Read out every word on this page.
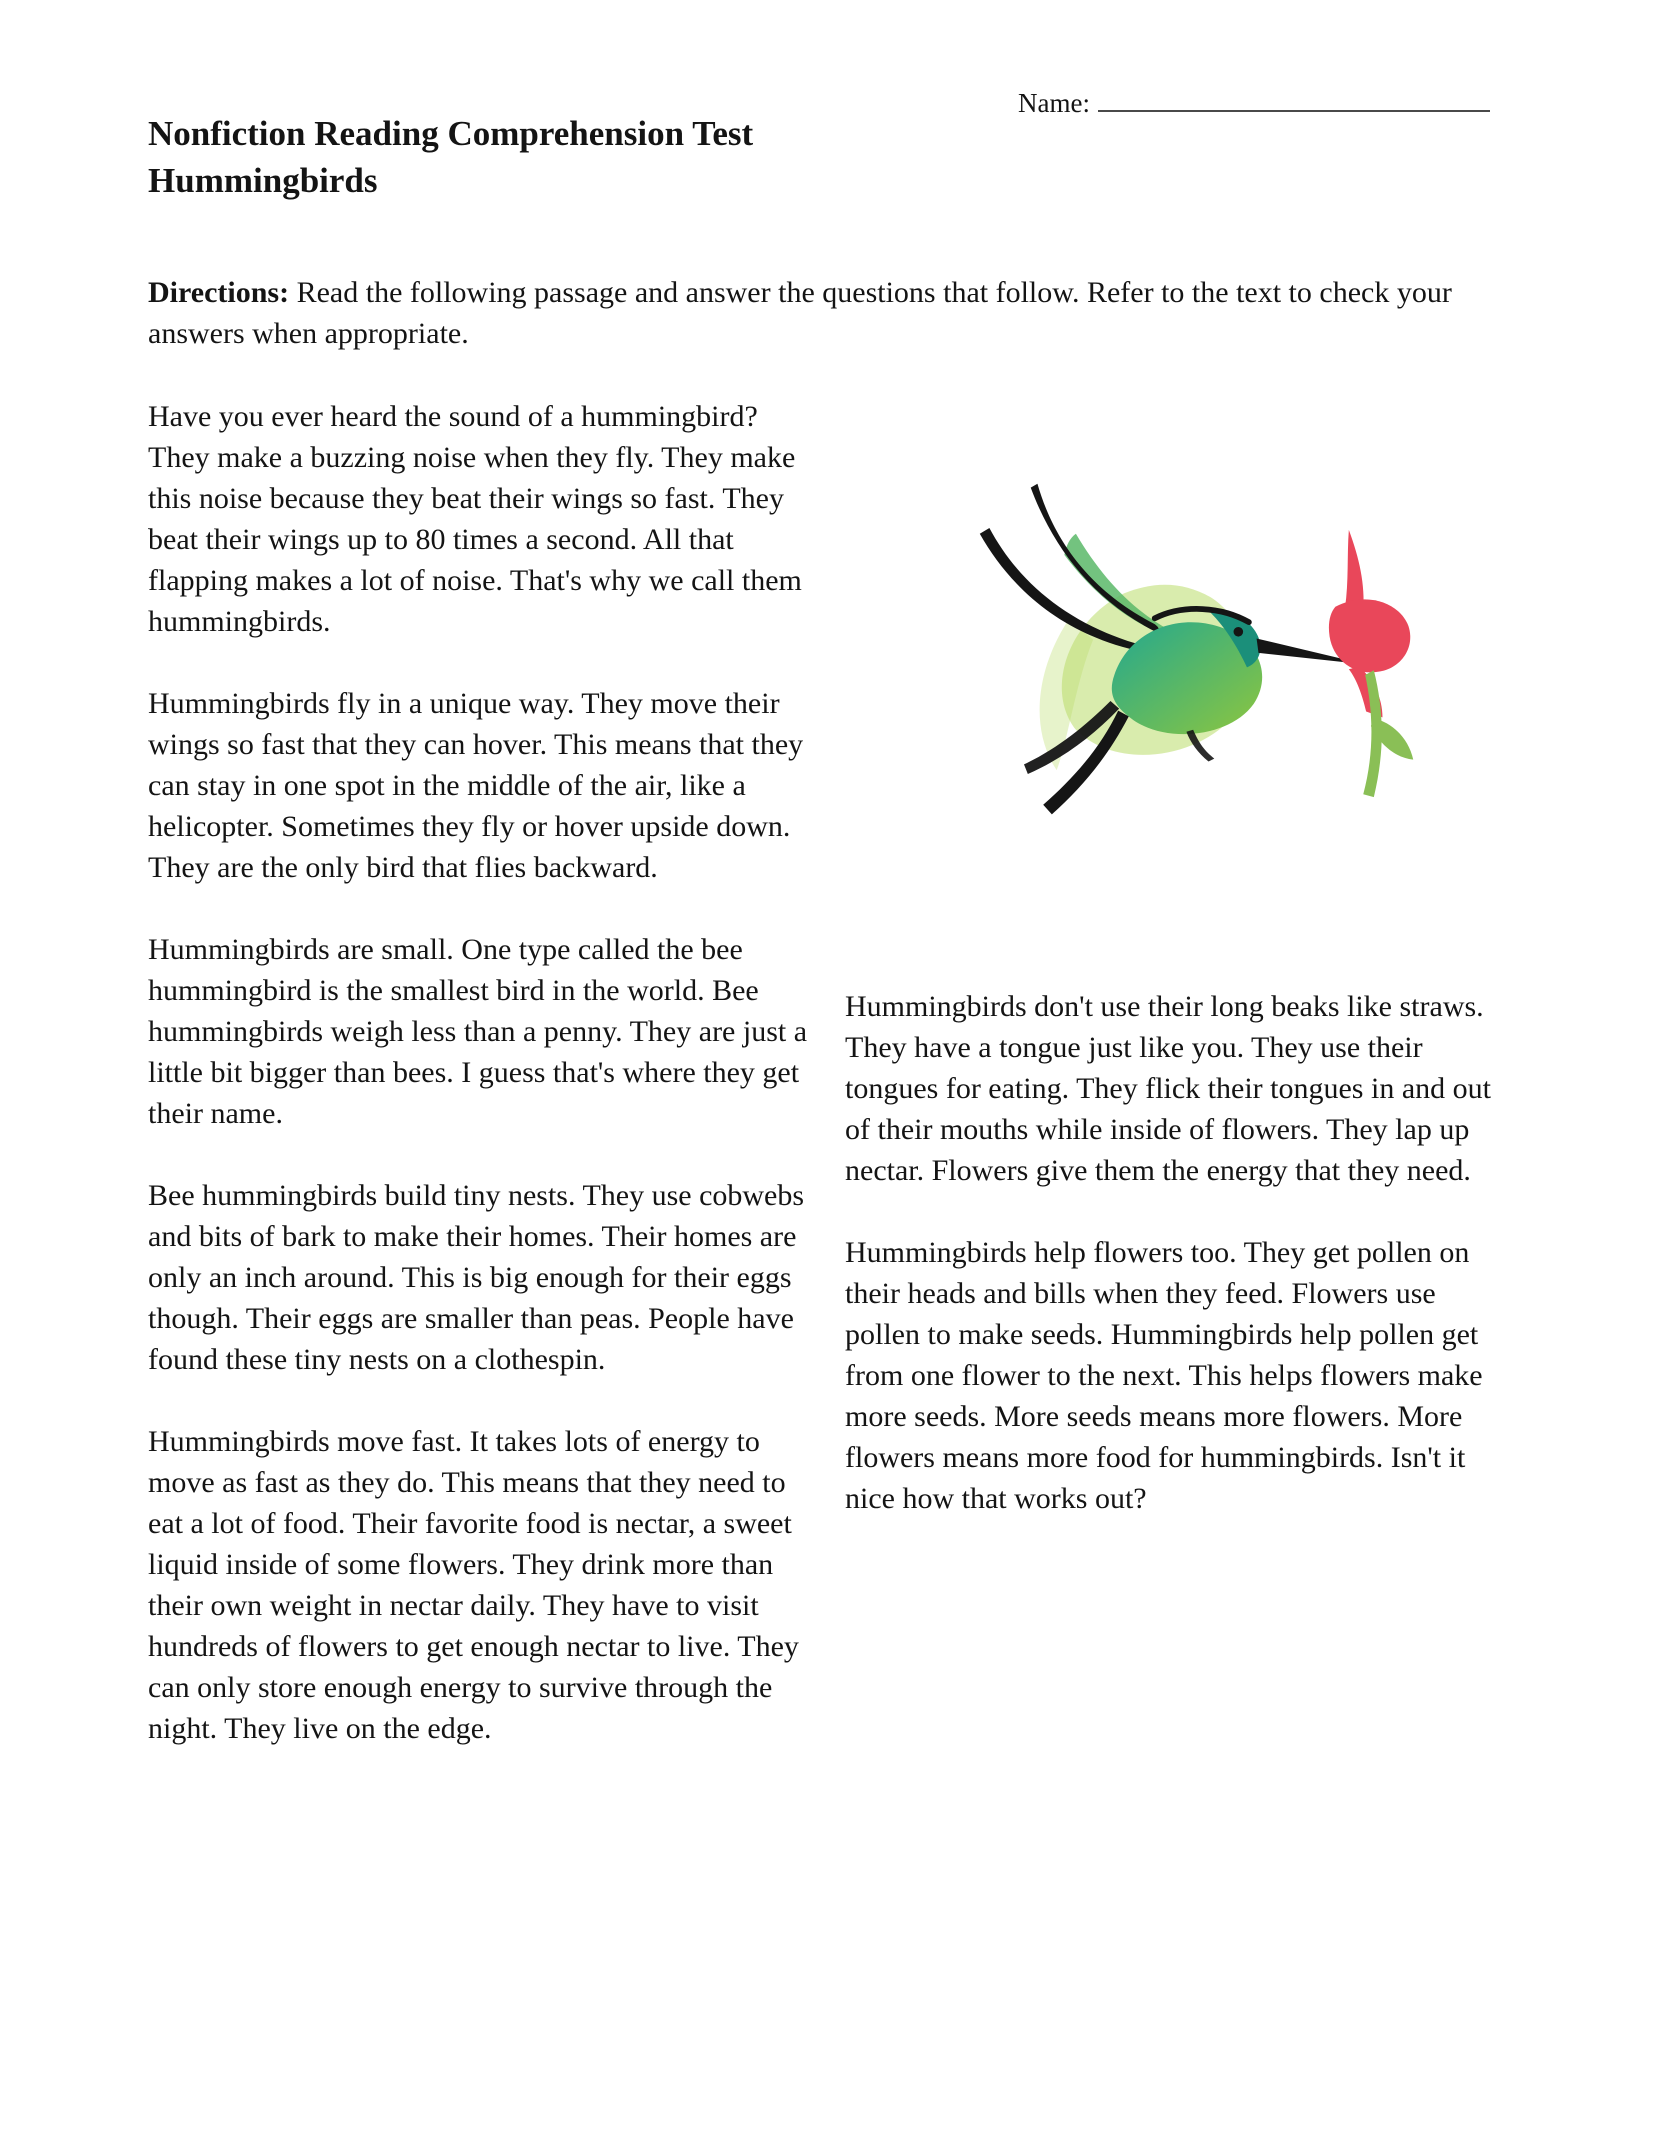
Name:
Nonfiction Reading Comprehension Test
Hummingbirds

Directions: Read the following passage and answer the questions that follow. Refer to the text to check your answers when appropriate.

Have you ever heard the sound of a hummingbird? They make a buzzing noise when they fly. They make this noise because they beat their wings so fast. They beat their wings up to 80 times a second. All that flapping makes a lot of noise. That's why we call them hummingbirds.

Hummingbirds fly in a unique way. They move their wings so fast that they can hover. This means that they can stay in one spot in the middle of the air, like a helicopter. Sometimes they fly or hover upside down. They are the only bird that flies backward.

Hummingbirds are small. One type called the bee hummingbird is the smallest bird in the world. Bee hummingbirds weigh less than a penny. They are just a little bit bigger than bees. I guess that's where they get their name.

Bee hummingbirds build tiny nests. They use cobwebs and bits of bark to make their homes. Their homes are only an inch around. This is big enough for their eggs though. Their eggs are smaller than peas. People have found these tiny nests on a clothespin.

Hummingbirds move fast. It takes lots of energy to move as fast as they do. This means that they need to eat a lot of food. Their favorite food is nectar, a sweet liquid inside of some flowers. They drink more than their own weight in nectar daily. They have to visit hundreds of flowers to get enough nectar to live. They can only store enough energy to survive through the night. They live on the edge.

Hummingbirds don't use their long beaks like straws. They have a tongue just like you. They use their tongues for eating. They flick their tongues in and out of their mouths while inside of flowers. They lap up nectar. Flowers give them the energy that they need.

Hummingbirds help flowers too. They get pollen on their heads and bills when they feed. Flowers use pollen to make seeds. Hummingbirds help pollen get from one flower to the next. This helps flowers make more seeds. More seeds means more flowers. More flowers means more food for hummingbirds. Isn't it nice how that works out?
